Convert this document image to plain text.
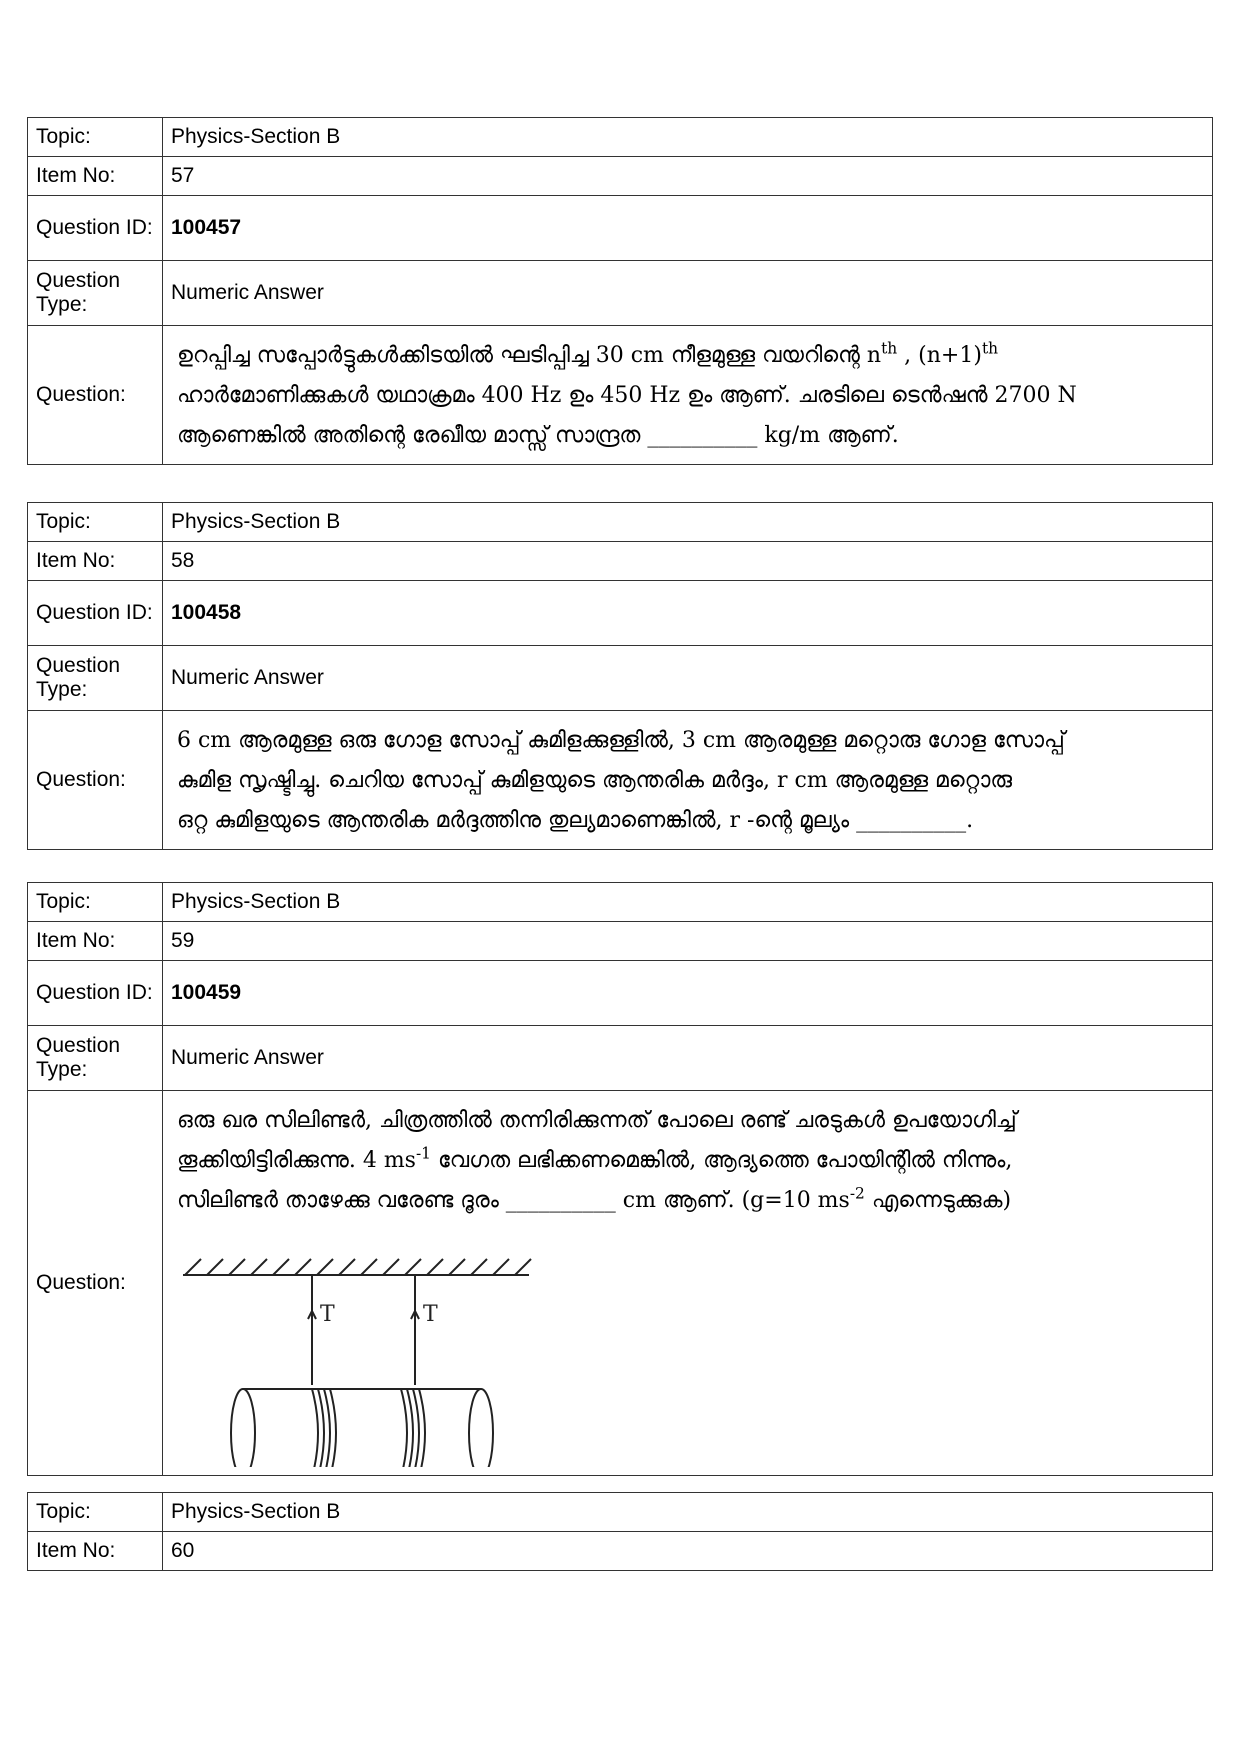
Topic:	Physics-Section B
Item No:	57
Question ID:	100457
Question Type:	Numeric Answer
Question:	ഉറപ്പിച്ച സപ്പോർട്ടുകൾക്കിടയിൽ ഘടിപ്പിച്ച 30 cm നീളമുള്ള വയറിന്റെ $n^{th}$ , $(n+1)^{th}$
ഹാർമോണിക്കുകൾ യഥാക്രമം 400 Hz ഉം 450 Hz ഉം ആണ്. ചരടിലെ ടെൻഷൻ 2700 N
ആണെങ്കിൽ അതിന്റെ രേഖീയ മാസ്സ് സാന്ദ്രത __________ kg/m ആണ്.
Topic:	Physics-Section B
Item No:	58
Question ID:	100458
Question Type:	Numeric Answer
Question:	6 cm ആരമുള്ള ഒരു ഗോള സോപ്പ് കുമിളക്കുള്ളിൽ, 3 cm ആരമുള്ള മറ്റൊരു ഗോള സോപ്പ്
കുമിള സൃഷ്ടിച്ചു. ചെറിയ സോപ്പ് കുമിളയുടെ ആന്തരിക മർദ്ദം, r cm ആരമുള്ള മറ്റൊരു
ഒറ്റ കുമിളയുടെ ആന്തരിക മർദ്ദത്തിനു തുല്യമാണെങ്കിൽ, r -ന്റെ മൂല്യം __________.
Topic:	Physics-Section B
Item No:	59
Question ID:	100459
Question Type:	Numeric Answer
Question:	ഒരു ഖര സിലിണ്ടർ, ചിത്രത്തിൽ തന്നിരിക്കുന്നത് പോലെ രണ്ട് ചരടുകൾ ഉപയോഗിച്ച്
തൂക്കിയിട്ടിരിക്കുന്നു. 4 $ms^{-1}$ വേഗത ലഭിക്കണമെങ്കിൽ, ആദ്യത്തെ പോയിന്റിൽ നിന്നും,
സിലിണ്ടർ താഴേക്കു വരേണ്ട ദൂരം __________ cm ആണ്. (g=10 $ms^{-2}$ എന്നെടുക്കുക)
T T
Topic:	Physics-Section B
Item No:	60
